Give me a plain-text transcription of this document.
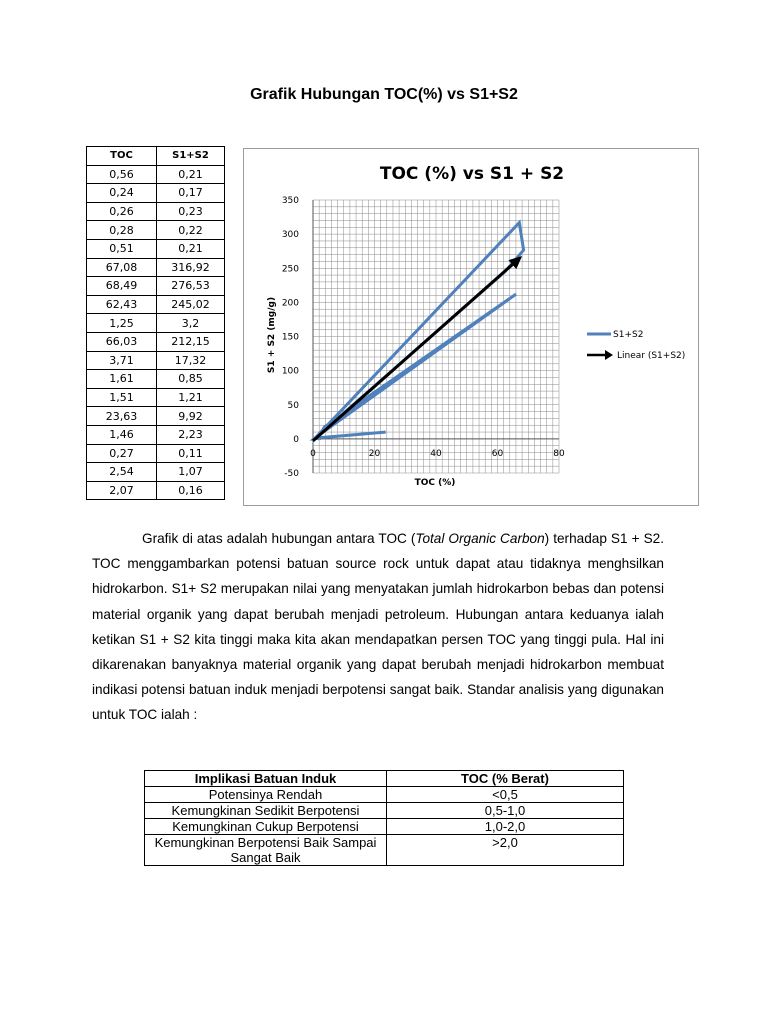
Grafik Hubungan TOC(%) vs S1+S2
TOC	S1+S2
0,56	0,21
0,24	0,17
0,26	0,23
0,28	0,22
0,51	0,21
67,08	316,92
68,49	276,53
62,43	245,02
1,25	3,2
66,03	212,15
3,71	17,32
1,61	0,85
1,51	1,21
23,63	9,92
1,46	2,23
0,27	0,11
2,54	1,07
2,07	0,16
0	20	40	60	80
-50
0
50
100
150
200
250
300
350
TOC (%) vs S1 + S2
TOC (%)
S1 + S2 (mg/g)	S1+S2
Linear (S1+S2)
Grafik di atas adalah hubungan antara TOC (Total Organic Carbon) terhadap S1 + S2. TOC menggambarkan potensi batuan source rock untuk dapat atau tidaknya menghsilkan hidrokarbon. S1+ S2 merupakan nilai yang menyatakan jumlah hidrokarbon bebas dan potensi material organik yang dapat berubah menjadi petroleum. Hubungan antara keduanya ialah ketikan S1 + S2 kita tinggi maka kita akan mendapatkan persen TOC yang tinggi pula. Hal ini dikarenakan banyaknya material organik yang dapat berubah menjadi hidrokarbon membuat indikasi potensi batuan induk menjadi berpotensi sangat baik. Standar analisis yang digunakan untuk TOC ialah :
Implikasi Batuan Induk	TOC (% Berat)
Potensinya Rendah	<0,5
Kemungkinan Sedikit Berpotensi	0,5-1,0
Kemungkinan Cukup Berpotensi	1,0-2,0
Kemungkinan Berpotensi Baik Sampai Sangat Baik	>2,0
